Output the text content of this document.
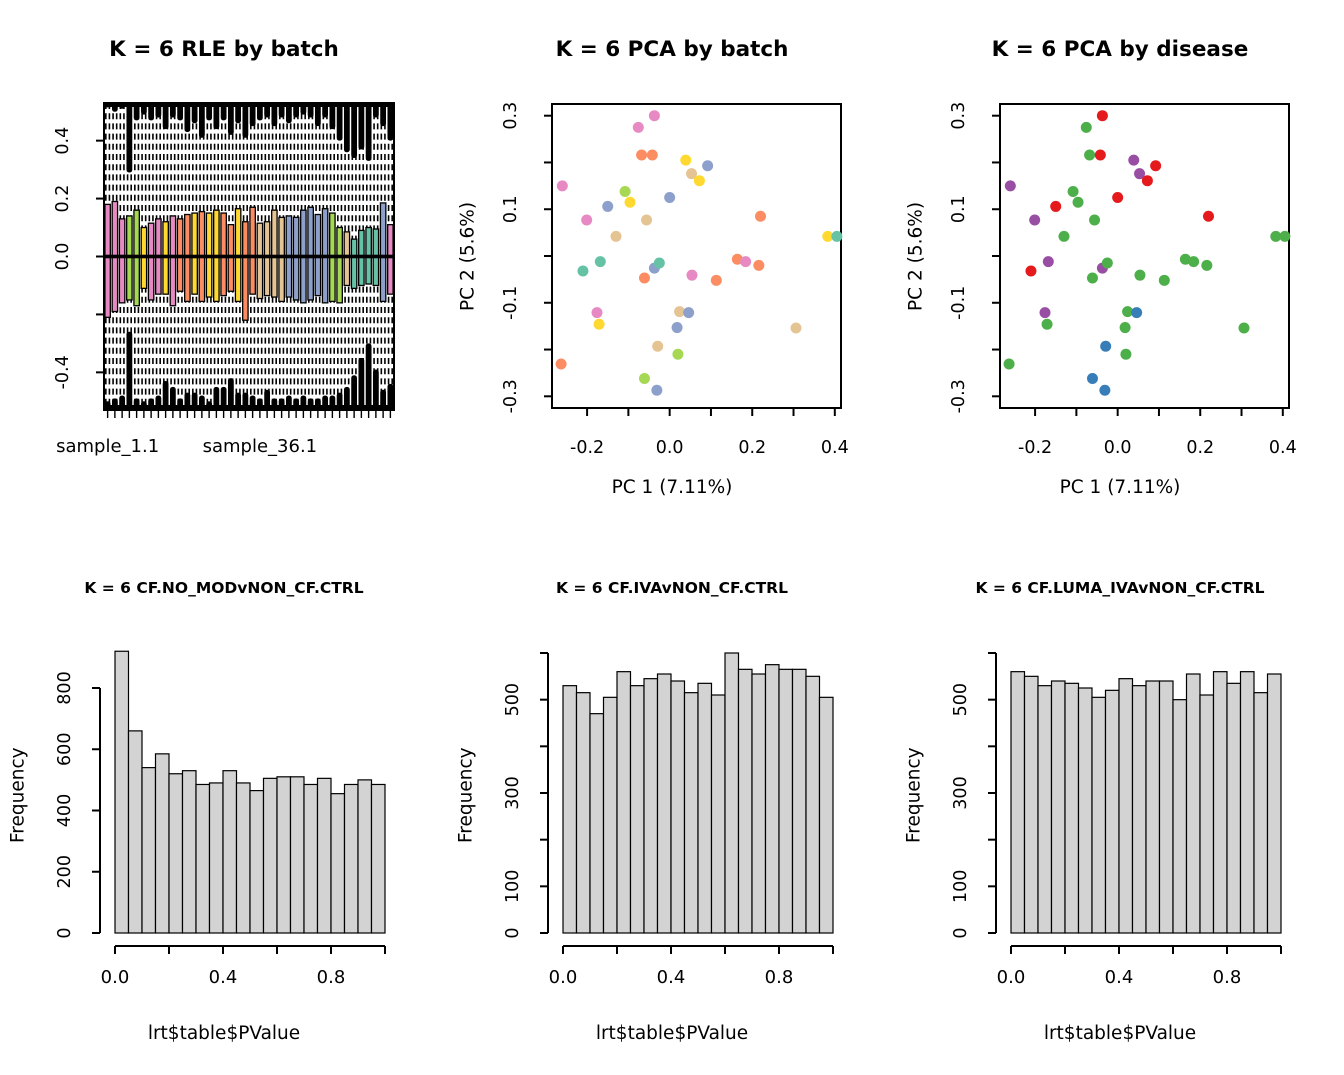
-0.4
0.0
0.2
0.4
sample_1.1 sample_36.1
K = 6 RLE by batch
-0.2	0.0	0.2	0.4
-0.3
-0.1
0.1
0.3
K = 6 PCA by batch
PC 1 (7.11%)
PC 2 (5.6%)
-0.2	0.0	0.2	0.4
-0.3
-0.1
0.1
0.3
K = 6 PCA by disease
PC 1 (7.11%)
PC 2 (5.6%)
0
200
400
600
800
0.0	0.4	0.8
K = 6 CF.NO_MODvNON_CF.CTRL
lrt$table$PValue
Frequency
0
100
300
500
0.0	0.4	0.8
K = 6 CF.IVAvNON_CF.CTRL
lrt$table$PValue
Frequency
0
100
300
500
0.0	0.4	0.8
K = 6 CF.LUMA_IVAvNON_CF.CTRL
lrt$table$PValue
Frequency
